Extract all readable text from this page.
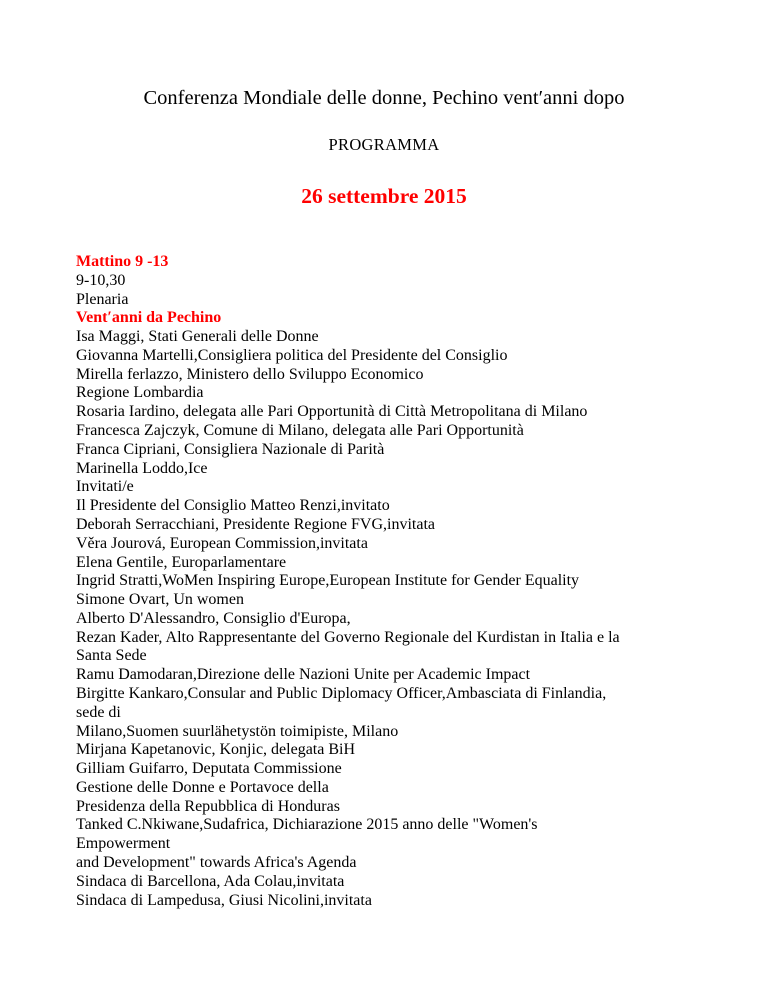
Conferenza Mondiale delle donne, Pechino vent′anni dopo
PROGRAMMA
26 settembre 2015
Mattino 9 -13
9-10,30
Plenaria
Vent′anni da Pechino
Isa Maggi, Stati Generali delle Donne
Giovanna Martelli,Consigliera politica del Presidente del Consiglio
Mirella ferlazzo, Ministero dello Sviluppo Economico
Regione Lombardia
Rosaria Iardino, delegata alle Pari Opportunità di Città Metropolitana di Milano
Francesca Zajczyk, Comune di Milano, delegata alle Pari Opportunità
Franca Cipriani, Consigliera Nazionale di Parità
Marinella Loddo,Ice
Invitati/e
Il Presidente del Consiglio Matteo Renzi,invitato
Deborah Serracchiani, Presidente Regione FVG,invitata
Věra Jourová, European Commission,invitata
Elena Gentile, Europarlamentare
Ingrid Stratti,WoMen Inspiring Europe,European Institute for Gender Equality
Simone Ovart, Un women
Alberto D'Alessandro, Consiglio d'Europa,
Rezan Kader, Alto Rappresentante del Governo Regionale del Kurdistan in Italia e la
Santa Sede
Ramu Damodaran,Direzione delle Nazioni Unite per Academic Impact
Birgitte Kankaro,Consular and Public Diplomacy Officer,Ambasciata di Finlandia,
sede di
Milano,Suomen suurlähetystön toimipiste, Milano
Mirjana Kapetanovic, Konjic, delegata BiH
Gilliam Guifarro, Deputata Commissione
Gestione delle Donne e Portavoce della
Presidenza della Repubblica di Honduras
Tanked C.Nkiwane,Sudafrica, Dichiarazione 2015 anno delle "Women's
Empowerment
and Development" towards Africa's Agenda
Sindaca di Barcellona, Ada Colau,invitata
Sindaca di Lampedusa, Giusi Nicolini,invitata
